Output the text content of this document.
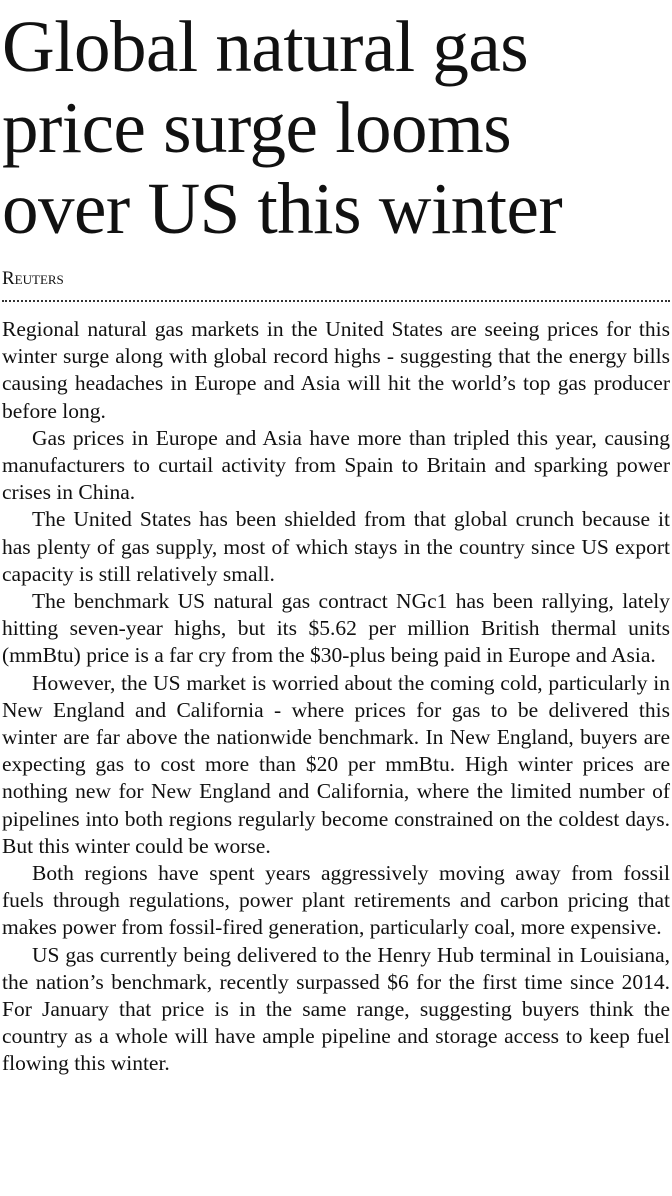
Global natural gas
price surge looms
over US this winter
Reuters

Regional natural gas markets in the United States are seeing prices for this winter surge along with global record highs - suggesting that the energy bills causing headaches in Europe and Asia will hit the world’s top gas producer before long.

Gas prices in Europe and Asia have more than tripled this year, causing manufacturers to curtail activity from Spain to Britain and sparking power crises in China.

The United States has been shielded from that global crunch because it has plenty of gas supply, most of which stays in the country since US export capacity is still relatively small.

The benchmark US natural gas contract NGc1 has been rallying, lately hitting seven-year highs, but its $5.62 per million British thermal units (mmBtu) price is a far cry from the $30-plus being paid in Europe and Asia.

However, the US market is worried about the coming cold, particularly in New England and California - where prices for gas to be delivered this winter are far above the nationwide benchmark. In New England, buyers are expecting gas to cost more than $20 per mmBtu. High winter prices are nothing new for New England and California, where the limited number of pipelines into both regions regularly become constrained on the coldest days. But this winter could be worse.

Both regions have spent years aggressively moving away from fossil fuels through regulations, power plant retirements and carbon pricing that makes power from fossil-fired generation, particularly coal, more expensive.

US gas currently being delivered to the Henry Hub terminal in Louisiana, the nation’s benchmark, recently surpassed $6 for the first time since 2014. For January that price is in the same range, suggesting buyers think the country as a whole will have ample pipeline and storage access to keep fuel flowing this winter.
